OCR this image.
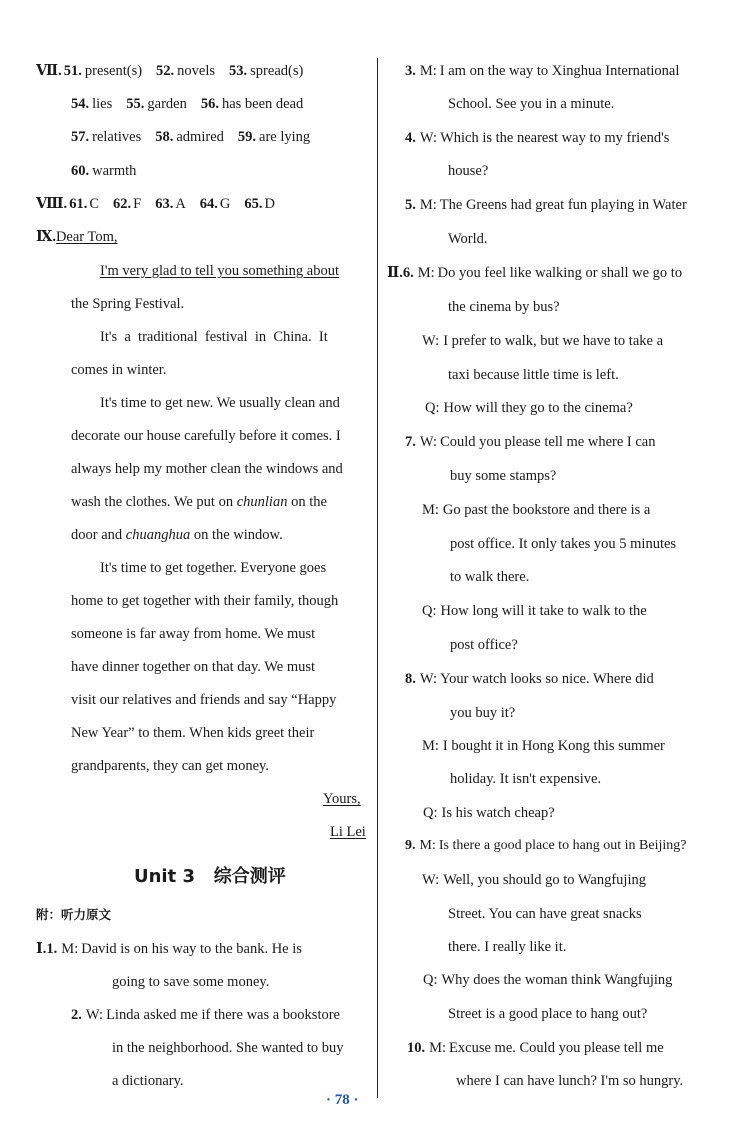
Ⅶ. 51. present(s) 52. novels 53. spread(s)
54. lies 55. garden 56. has been dead
57. relatives 58. admired 59. are lying
60. warmth
Ⅷ. 61. C 62. F 63. A 64. G 65. D
Ⅸ.Dear Tom,
I'm very glad to tell you something about
the Spring Festival.
It's  a  traditional  festival  in  China.  It
comes in winter.
It's time to get new. We usually clean and
decorate our house carefully before it comes. I
always help my mother clean the windows and
wash the clothes. We put on chunlian on the
door and chuanghua on the window.
It's time to get together. Everyone goes
home to get together with their family, though
someone is far away from home. We must
have dinner together on that day. We must
visit our relatives and friends and say “Happy
New Year” to them. When kids greet their
grandparents, they can get money.
Yours,
Li Lei
Unit 3   综合测评
附：听力原文
Ⅰ.1. M: David is on his way to the bank. He is
going to save some money.
2. W: Linda asked me if there was a bookstore
in the neighborhood. She wanted to buy
a dictionary.
3. M: I am on the way to Xinghua International
School. See you in a minute.
4. W: Which is the nearest way to my friend's
house?
5. M: The Greens had great fun playing in Water
World.
Ⅱ.6. M: Do you feel like walking or shall we go to
the cinema by bus?
W: I prefer to walk, but we have to take a
taxi because little time is left.
Q: How will they go to the cinema?
7. W: Could you please tell me where I can
buy some stamps?
M: Go past the bookstore and there is a
post office. It only takes you 5 minutes
to walk there.
Q: How long will it take to walk to the
post office?
8. W: Your watch looks so nice. Where did
you buy it?
M: I bought it in Hong Kong this summer
holiday. It isn't expensive.
Q: Is his watch cheap?
9. M: Is there a good place to hang out in Beijing?
W: Well, you should go to Wangfujing
Street. You can have great snacks
there. I really like it.
Q: Why does the woman think Wangfujing
Street is a good place to hang out?
10. M: Excuse me. Could you please tell me
where I can have lunch? I'm so hungry.
· 78 ·
